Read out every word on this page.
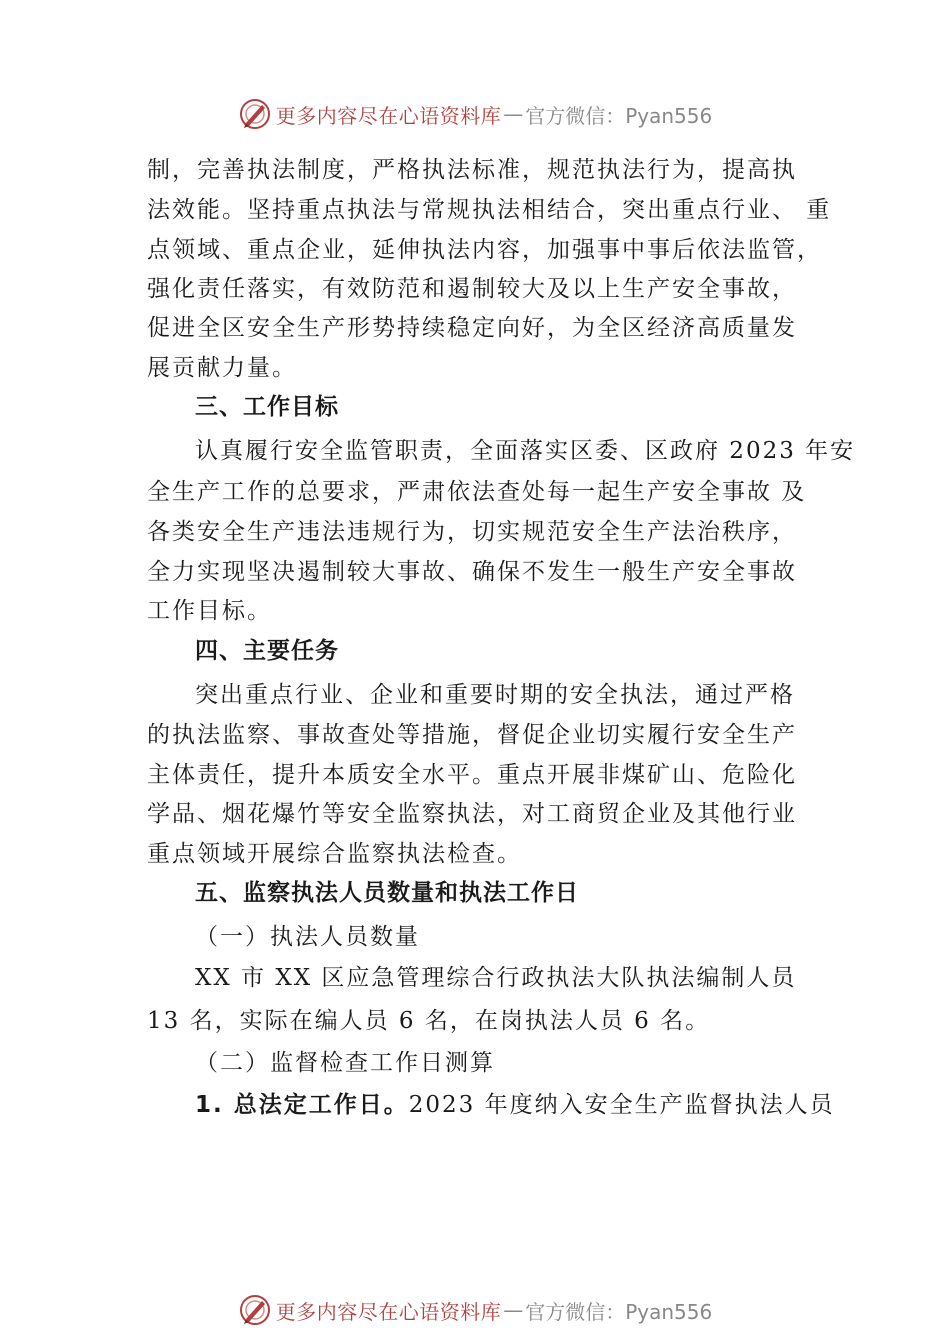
更多内容尽在心语资料库 — 官方微信：Pyan556
制，完善执法制度，严格执法标准，规范执法行为，提高执
法效能。坚持重点执法与常规执法相结合，突出重点行业、 重
点领域、重点企业，延伸执法内容，加强事中事后依法监管，
强化责任落实，有效防范和遏制较大及以上生产安全事故，
促进全区安全生产形势持续稳定向好，为全区经济高质量发
展贡献力量。
三、工作目标
认真履行安全监管职责，全面落实区委、区政府 2023 年安
全生产工作的总要求，严肃依法查处每一起生产安全事故 及
各类安全生产违法违规行为，切实规范安全生产法治秩序，
全力实现坚决遏制较大事故、确保不发生一般生产安全事故
工作目标。
四、主要任务
突出重点行业、企业和重要时期的安全执法，通过严格
的执法监察、事故查处等措施，督促企业切实履行安全生产
主体责任，提升本质安全水平。重点开展非煤矿山、危险化
学品、烟花爆竹等安全监察执法，对工商贸企业及其他行业
重点领域开展综合监察执法检查。
五、监察执法人员数量和执法工作日
（一）执法人员数量
XX 市 XX 区应急管理综合行政执法大队执法编制人员
13 名，实际在编人员 6 名，在岗执法人员 6 名。
（二）监督检查工作日测算
1. 总法定工作日。2023 年度纳入安全生产监督执法人员
更多内容尽在心语资料库 — 官方微信：Pyan556
